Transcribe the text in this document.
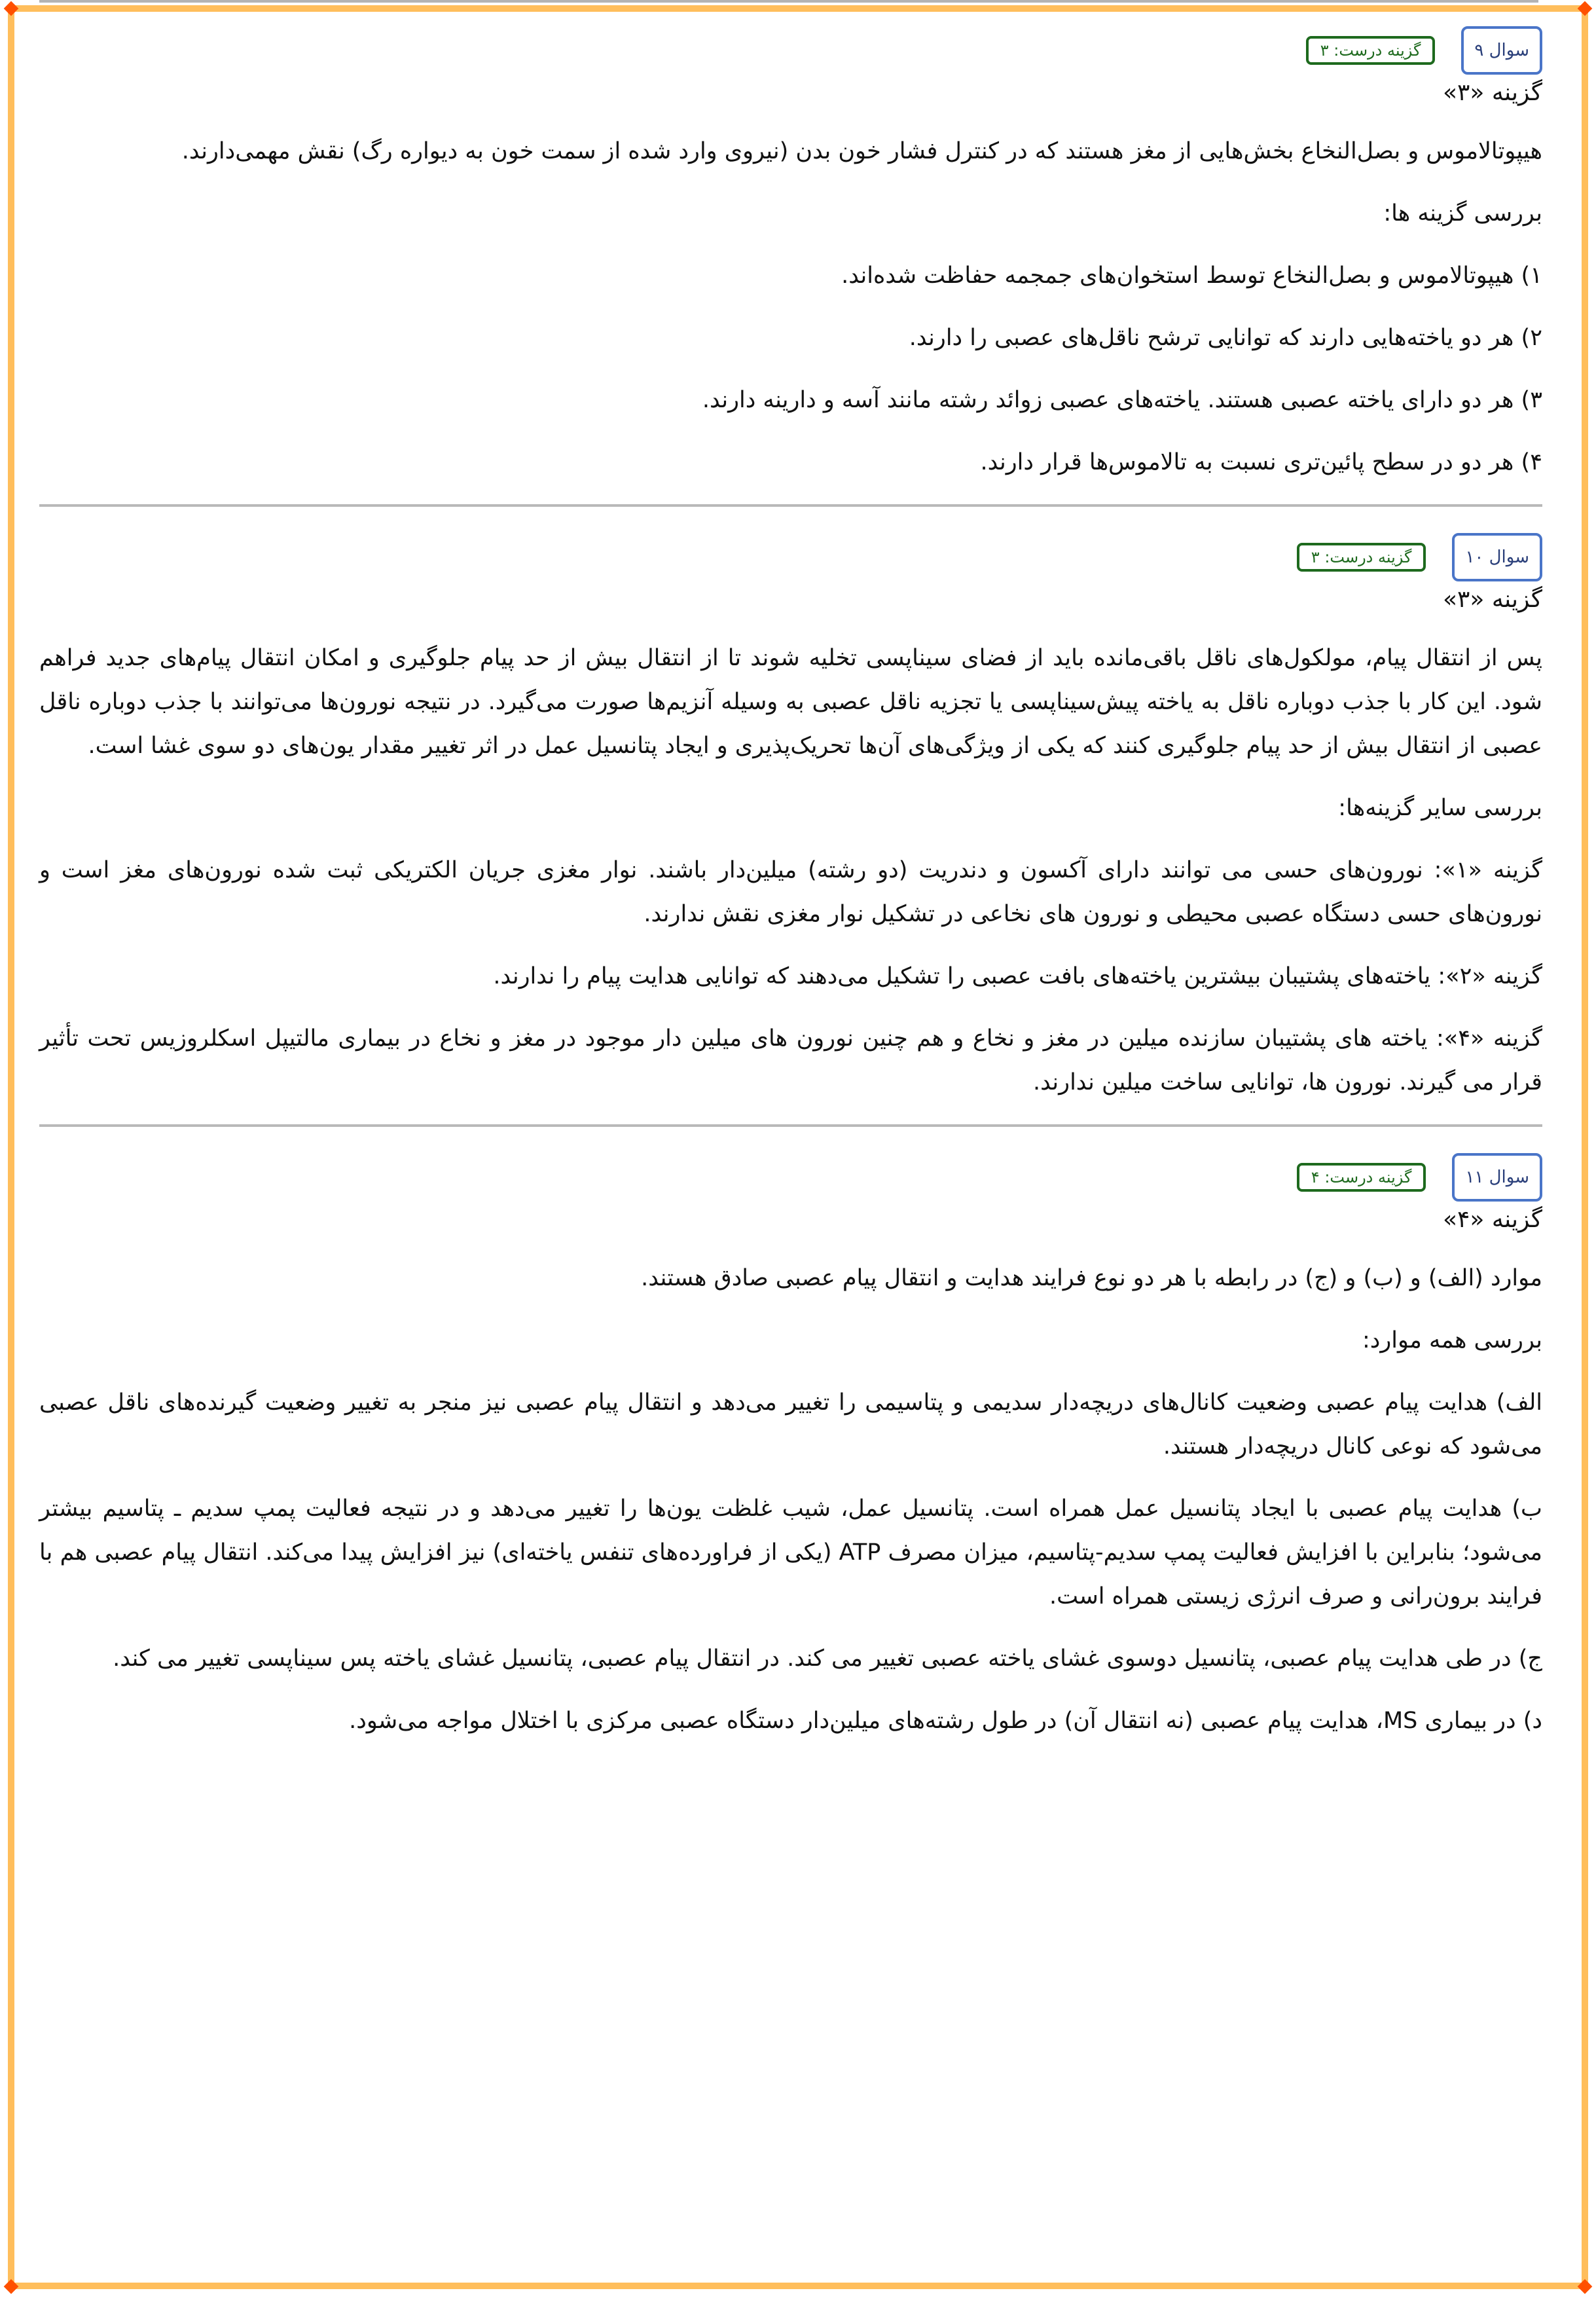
سوال ۹
گزینه درست: ۳
گزینه «۳»

هیپوتالاموس و بصل‌النخاع بخش‌هایی از مغز هستند که در کنترل فشار خون بدن (نیروی وارد شده از سمت خون به دیواره رگ) نقش مهمی‌دارند.

بررسی گزینه ها:

۱) هیپوتالاموس و بصل‌النخاع توسط استخوان‌های جمجمه حفاظت شده‌اند.

۲) هر دو یاخته‌هایی دارند که توانایی ترشح ناقل‌های عصبی را دارند.

۳) هر دو دارای یاخته عصبی هستند. یاخته‌های عصبی زوائد رشته مانند آسه و دارینه دارند.

۴) هر دو در سطح پائین‌تری نسبت به تالاموس‌ها قرار دارند.

سوال ۱۰
گزینه درست: ۳
گزینه «۳»

پس از انتقال پیام، مولکول‌های ناقل باقی‌مانده باید از فضای سیناپسی تخلیه شوند تا از انتقال بیش از حد پیام جلوگیری و امکان انتقال پیام‌های جدید فراهم شود. این کار با جذب دوباره ناقل به یاخته پیش‌سیناپسی یا تجزیه ناقل عصبی به وسیله آنزیم‌ها صورت می‌گیرد. در نتیجه نورون‌ها می‌توانند با جذب دوباره ناقل عصبی از انتقال بیش از حد پیام جلوگیری کنند که یکی از ویژگی‌های آن‌ها تحریک‌پذیری و ایجاد پتانسیل عمل در اثر تغییر مقدار یون‌های دو سوی غشا است.

بررسی سایر گزینه‌ها:

گزینه «۱»: نورون‌های حسی می توانند دارای آکسون و دندریت (دو رشته) میلین‌دار باشند. نوار مغزی جریان الکتریکی ثبت شده نورون‌های مغز است و نورون‌های حسی دستگاه عصبی محیطی و نورون های نخاعی در تشکیل نوار مغزی نقش ندارند.

گزینه «۲»: یاخته‌های پشتیبان بیشترین یاخته‌های بافت عصبی را تشکیل می‌دهند که توانایی هدایت پیام را ندارند.

گزینه «۴»: یاخته های پشتیبان سازنده میلین در مغز و نخاع و هم چنین نورون های میلین دار موجود در مغز و نخاع در بیماری مالتیپل اسکلروزیس تحت تأثیر قرار می گیرند. نورون ها، توانایی ساخت میلین ندارند.

سوال ۱۱
گزینه درست: ۴
گزینه «۴»

موارد (الف) و (ب) و (ج) در رابطه با هر دو نوع فرایند هدایت و انتقال پیام عصبی صادق هستند.

بررسی همه موارد:

الف) هدایت پیام عصبی وضعیت کانال‌های دریچه‌دار سدیمی و پتاسیمی را تغییر می‌دهد و انتقال پیام عصبی نیز منجر به تغییر وضعیت گیرنده‌های ناقل عصبی می‌شود که نوعی کانال دریچه‌دار هستند.

ب) هدایت پیام عصبی با ایجاد پتانسیل عمل همراه است. پتانسیل عمل، شیب غلظت یون‌ها را تغییر می‌دهد و در نتیجه فعالیت پمپ سدیم ـ پتاسیم بیشتر می‌شود؛ بنابراین با افزایش فعالیت پمپ سدیم-پتاسیم، میزان مصرف ATP (یکی از فراورده‌های تنفس یاخته‌ای) نیز افزایش پیدا می‌کند. انتقال پیام عصبی هم با فرایند برون‌رانی و صرف انرژی زیستی همراه است.

ج) در طی هدایت پیام عصبی، پتانسیل دوسوی غشای یاخته عصبی تغییر می کند. در انتقال پیام عصبی، پتانسیل غشای یاخته پس سیناپسی تغییر می کند.

د) در بیماری MS، هدایت پیام عصبی (نه انتقال آن) در طول رشته‌های میلین‌دار دستگاه عصبی مرکزی با اختلال مواجه می‌شود.
